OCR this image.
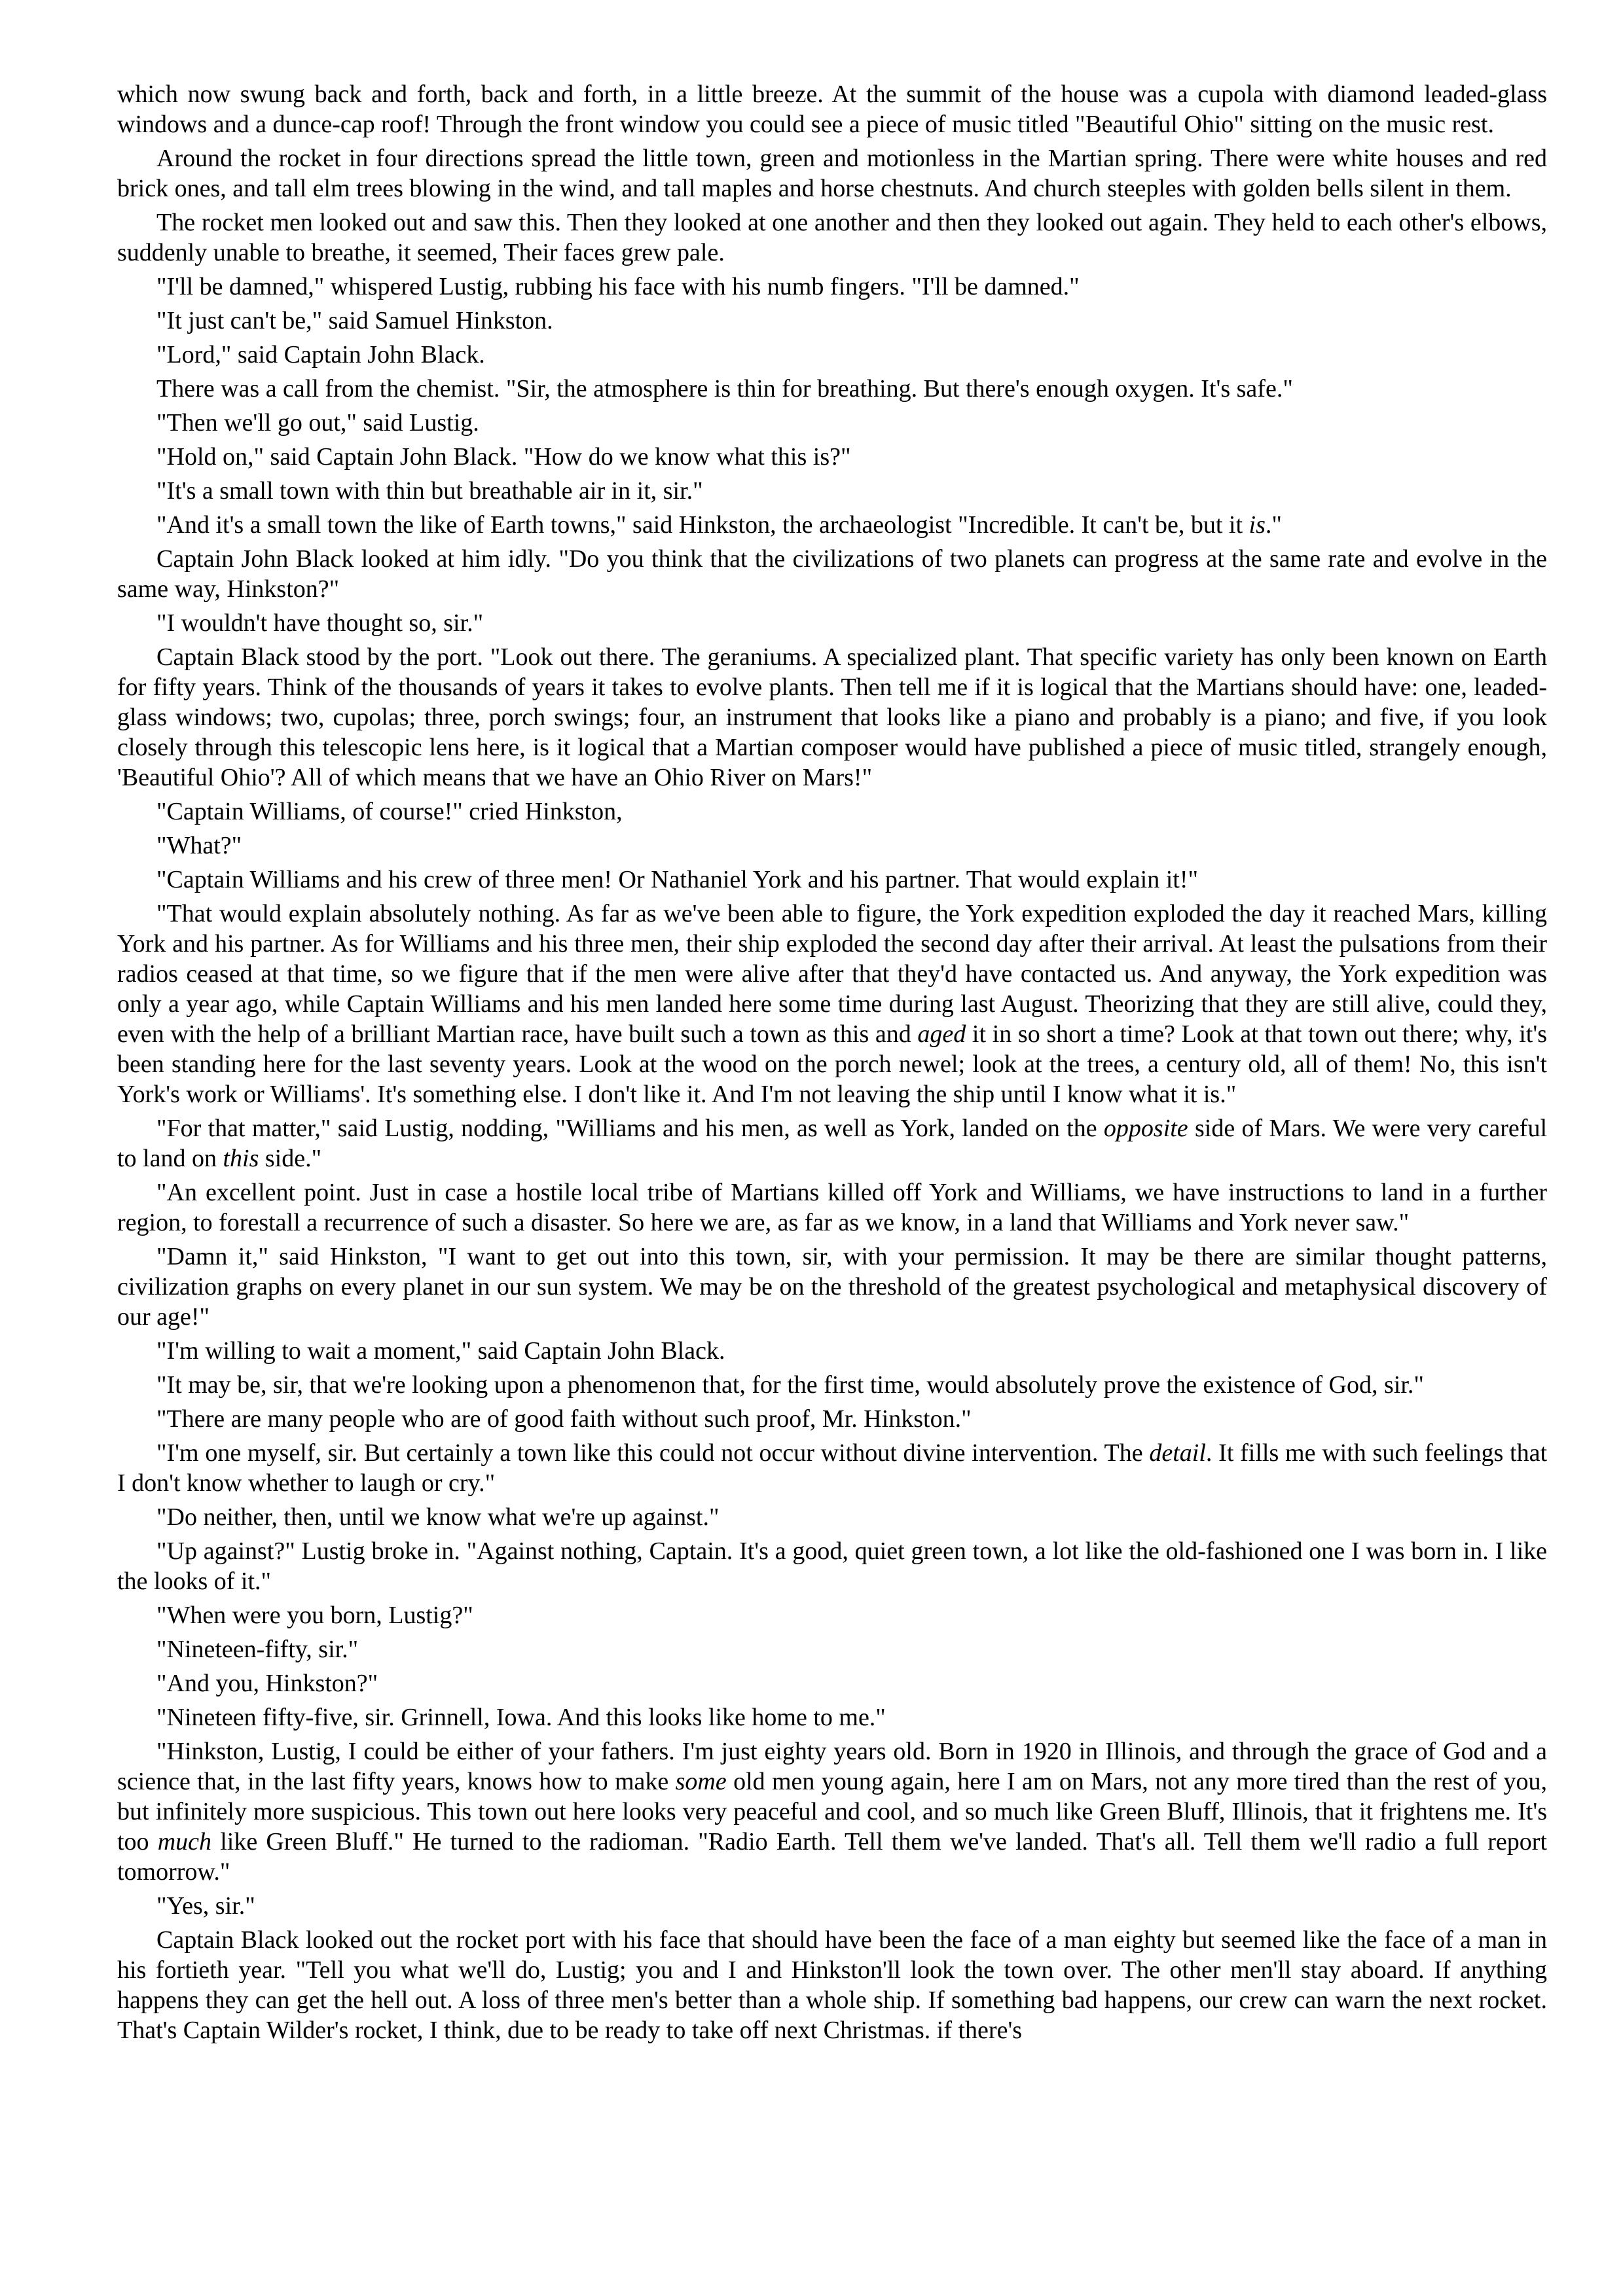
which now swung back and forth, back and forth, in a little breeze. At the summit of the house was a cupola with diamond leaded-glass windows and a dunce-cap roof! Through the front window you could see a piece of music titled "Beautiful Ohio" sitting on the music rest.

Around the rocket in four directions spread the little town, green and motionless in the Martian spring. There were white houses and red brick ones, and tall elm trees blowing in the wind, and tall maples and horse chestnuts. And church steeples with golden bells silent in them.

The rocket men looked out and saw this. Then they looked at one another and then they looked out again. They held to each other's elbows, suddenly unable to breathe, it seemed, Their faces grew pale.

"I'll be damned," whispered Lustig, rubbing his face with his numb fingers. "I'll be damned."

"It just can't be," said Samuel Hinkston.

"Lord," said Captain John Black.

There was a call from the chemist. "Sir, the atmosphere is thin for breathing. But there's enough oxygen. It's safe."

"Then we'll go out," said Lustig.

"Hold on," said Captain John Black. "How do we know what this is?"

"It's a small town with thin but breathable air in it, sir."

"And it's a small town the like of Earth towns," said Hinkston, the archaeologist "Incredible. It can't be, but it is."

Captain John Black looked at him idly. "Do you think that the civilizations of two planets can progress at the same rate and evolve in the same way, Hinkston?"

"I wouldn't have thought so, sir."

Captain Black stood by the port. "Look out there. The geraniums. A specialized plant. That specific variety has only been known on Earth for fifty years. Think of the thousands of years it takes to evolve plants. Then tell me if it is logical that the Martians should have: one, leaded-glass windows; two, cupolas; three, porch swings; four, an instrument that looks like a piano and probably is a piano; and five, if you look closely through this telescopic lens here, is it logical that a Martian composer would have published a piece of music titled, strangely enough, 'Beautiful Ohio'? All of which means that we have an Ohio River on Mars!"

"Captain Williams, of course!" cried Hinkston,

"What?"

"Captain Williams and his crew of three men! Or Nathaniel York and his partner. That would explain it!"

"That would explain absolutely nothing. As far as we've been able to figure, the York expedition exploded the day it reached Mars, killing York and his partner. As for Williams and his three men, their ship exploded the second day after their arrival. At least the pulsations from their radios ceased at that time, so we figure that if the men were alive after that they'd have contacted us. And anyway, the York expedition was only a year ago, while Captain Williams and his men landed here some time during last August. Theorizing that they are still alive, could they, even with the help of a brilliant Martian race, have built such a town as this and aged it in so short a time? Look at that town out there; why, it's been standing here for the last seventy years. Look at the wood on the porch newel; look at the trees, a century old, all of them! No, this isn't York's work or Williams'. It's something else. I don't like it. And I'm not leaving the ship until I know what it is."

"For that matter," said Lustig, nodding, "Williams and his men, as well as York, landed on the opposite side of Mars. We were very careful to land on this side."

"An excellent point. Just in case a hostile local tribe of Martians killed off York and Williams, we have instructions to land in a further region, to forestall a recurrence of such a disaster. So here we are, as far as we know, in a land that Williams and York never saw."

"Damn it," said Hinkston, "I want to get out into this town, sir, with your permission. It may be there are similar thought patterns, civilization graphs on every planet in our sun system. We may be on the threshold of the greatest psychological and metaphysical discovery of our age!"

"I'm willing to wait a moment," said Captain John Black.

"It may be, sir, that we're looking upon a phenomenon that, for the first time, would absolutely prove the existence of God, sir."

"There are many people who are of good faith without such proof, Mr. Hinkston."

"I'm one myself, sir. But certainly a town like this could not occur without divine intervention. The detail. It fills me with such feelings that I don't know whether to laugh or cry."

"Do neither, then, until we know what we're up against."

"Up against?" Lustig broke in. "Against nothing, Captain. It's a good, quiet green town, a lot like the old-fashioned one I was born in. I like the looks of it."

"When were you born, Lustig?"

"Nineteen-fifty, sir."

"And you, Hinkston?"

"Nineteen fifty-five, sir. Grinnell, Iowa. And this looks like home to me."

"Hinkston, Lustig, I could be either of your fathers. I'm just eighty years old. Born in 1920 in Illinois, and through the grace of God and a science that, in the last fifty years, knows how to make some old men young again, here I am on Mars, not any more tired than the rest of you, but infinitely more suspicious. This town out here looks very peaceful and cool, and so much like Green Bluff, Illinois, that it frightens me. It's too much like Green Bluff." He turned to the radioman. "Radio Earth. Tell them we've landed. That's all. Tell them we'll radio a full report tomorrow."

"Yes, sir."

Captain Black looked out the rocket port with his face that should have been the face of a man eighty but seemed like the face of a man in his fortieth year. "Tell you what we'll do, Lustig; you and I and Hinkston'll look the town over. The other men'll stay aboard. If anything happens they can get the hell out. A loss of three men's better than a whole ship. If something bad happens, our crew can warn the next rocket. That's Captain Wilder's rocket, I think, due to be ready to take off next Christmas. if there's
